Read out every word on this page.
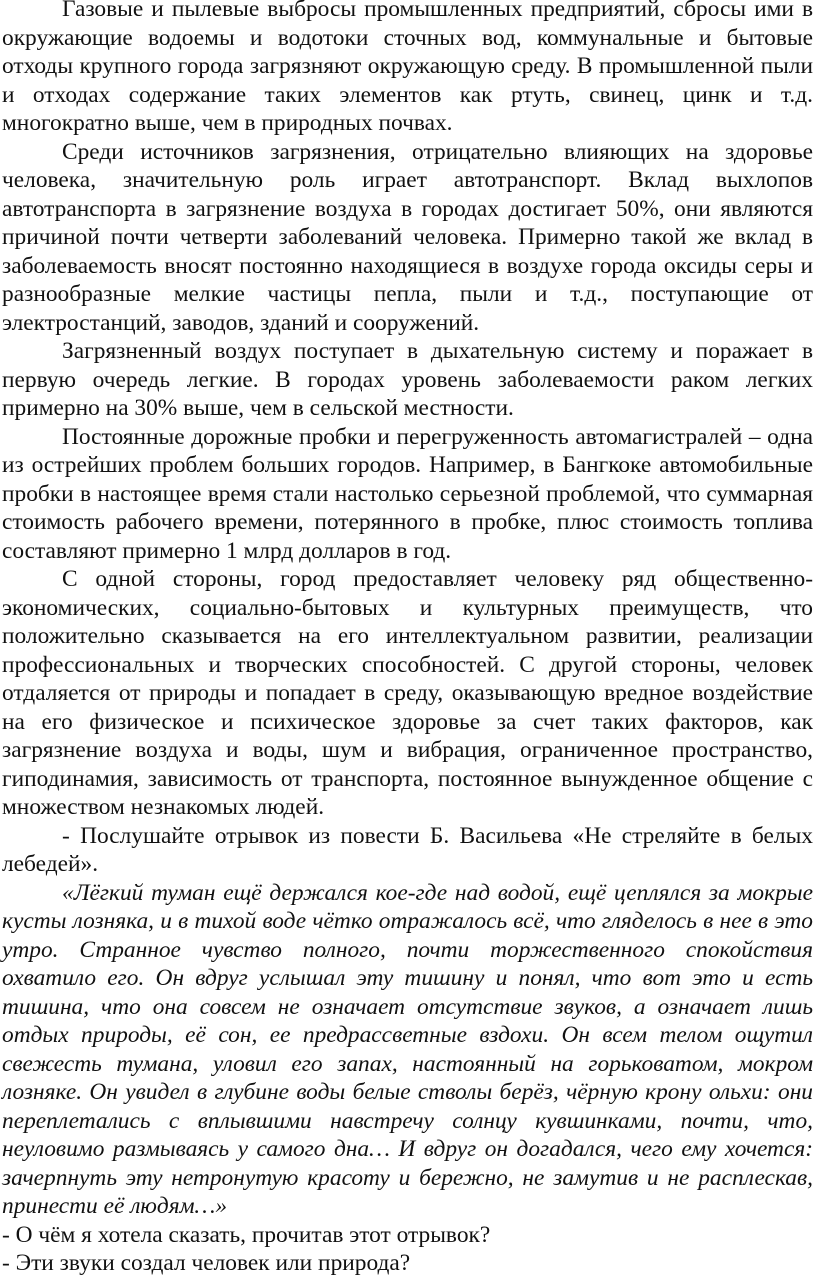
Газовые и пылевые выбросы промышленных предприятий, сбросы ими в окружающие водоемы и водотоки сточных вод, коммунальные и бытовые отходы крупного города загрязняют окружающую среду. В промышленной пыли и отходах содержание таких элементов как ртуть, свинец, цинк и т.д. многократно выше, чем в природных почвах.

Среди источников загрязнения, отрицательно влияющих на здоровье человека, значительную роль играет автотранспорт. Вклад выхлопов автотранспорта в загрязнение воздуха в городах достигает 50%, они являются причиной почти четверти заболеваний человека. Примерно такой же вклад в заболеваемость вносят постоянно находящиеся в воздухе города оксиды серы и разнообразные мелкие частицы пепла, пыли и т.д., поступающие от электростанций, заводов, зданий и сооружений.

Загрязненный воздух поступает в дыхательную систему и поражает в первую очередь легкие. В городах уровень заболеваемости раком легких примерно на 30% выше, чем в сельской местности.

Постоянные дорожные пробки и перегруженность автомагистралей – одна из острейших проблем больших городов. Например, в Бангкоке автомобильные пробки в настоящее время стали настолько серьезной проблемой, что суммарная стоимость рабочего времени, потерянного в пробке, плюс стоимость топлива составляют примерно 1 млрд долларов в год.

С одной стороны, город предоставляет человеку ряд общественно-экономических, социально-бытовых и культурных преимуществ, что положительно сказывается на его интеллектуальном развитии, реализации профессиональных и творческих способностей. С другой стороны, человек отдаляется от природы и попадает в среду, оказывающую вредное воздействие на его физическое и психическое здоровье за счет таких факторов, как загрязнение воздуха и воды, шум и вибрация, ограниченное пространство, гиподинамия, зависимость от транспорта, постоянное вынужденное общение с множеством незнакомых людей.

- Послушайте отрывок из повести Б. Васильева «Не стреляйте в белых лебедей».

«Лёгкий туман ещё держался кое-где над водой, ещё цеплялся за мокрые кусты лозняка, и в тихой воде чётко отражалось всё, что гляделось в нее в это утро. Странное чувство полного, почти торжественного спокойствия охватило его. Он вдруг услышал эту тишину и понял, что вот это и есть тишина, что она совсем не означает отсутствие звуков, а означает лишь отдых природы, её сон, ее предрассветные вздохи. Он всем телом ощутил свежесть тумана, уловил его запах, настоянный на горьковатом, мокром лозняке. Он увидел в глубине воды белые стволы берёз, чёрную крону ольхи: они переплетались с вплывшими навстречу солнцу кувшинками, почти, что, неуловимо размываясь у самого дна… И вдруг он догадался, чего ему хочется: зачерпнуть эту нетронутую красоту и бережно, не замутив и не расплескав, принести её людям…»

- О чём я хотела сказать, прочитав этот отрывок?

- Эти звуки создал человек или природа?
